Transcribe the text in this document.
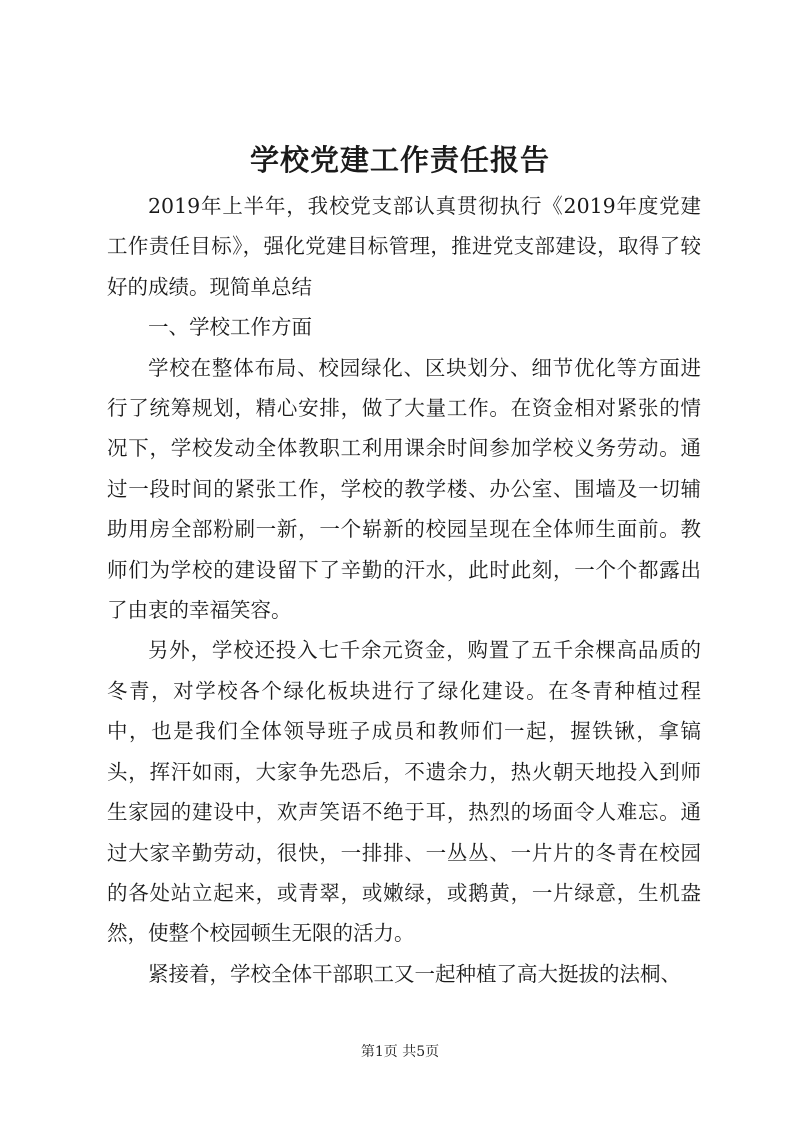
学校党建工作责任报告

2019年上半年，我校党支部认真贯彻执行《2019年度党建工作责任目标》，强化党建目标管理，推进党支部建设，取得了较好的成绩。现简单总结

一、学校工作方面

学校在整体布局、校园绿化、区块划分、细节优化等方面进行了统筹规划，精心安排，做了大量工作。在资金相对紧张的情况下，学校发动全体教职工利用课余时间参加学校义务劳动。通过一段时间的紧张工作，学校的教学楼、办公室、围墙及一切辅助用房全部粉刷一新，一个崭新的校园呈现在全体师生面前。教师们为学校的建设留下了辛勤的汗水，此时此刻，一个个都露出了由衷的幸福笑容。

另外，学校还投入七千余元资金，购置了五千余棵高品质的冬青，对学校各个绿化板块进行了绿化建设。在冬青种植过程中，也是我们全体领导班子成员和教师们一起，握铁锹，拿镐头，挥汗如雨，大家争先恐后，不遗余力，热火朝天地投入到师生家园的建设中，欢声笑语不绝于耳，热烈的场面令人难忘。通过大家辛勤劳动，很快，一排排、一丛丛、一片片的冬青在校园的各处站立起来，或青翠，或嫩绿，或鹅黄，一片绿意，生机盎然，使整个校园顿生无限的活力。

紧接着，学校全体干部职工又一起种植了高大挺拔的法桐、

第1页 共5页
